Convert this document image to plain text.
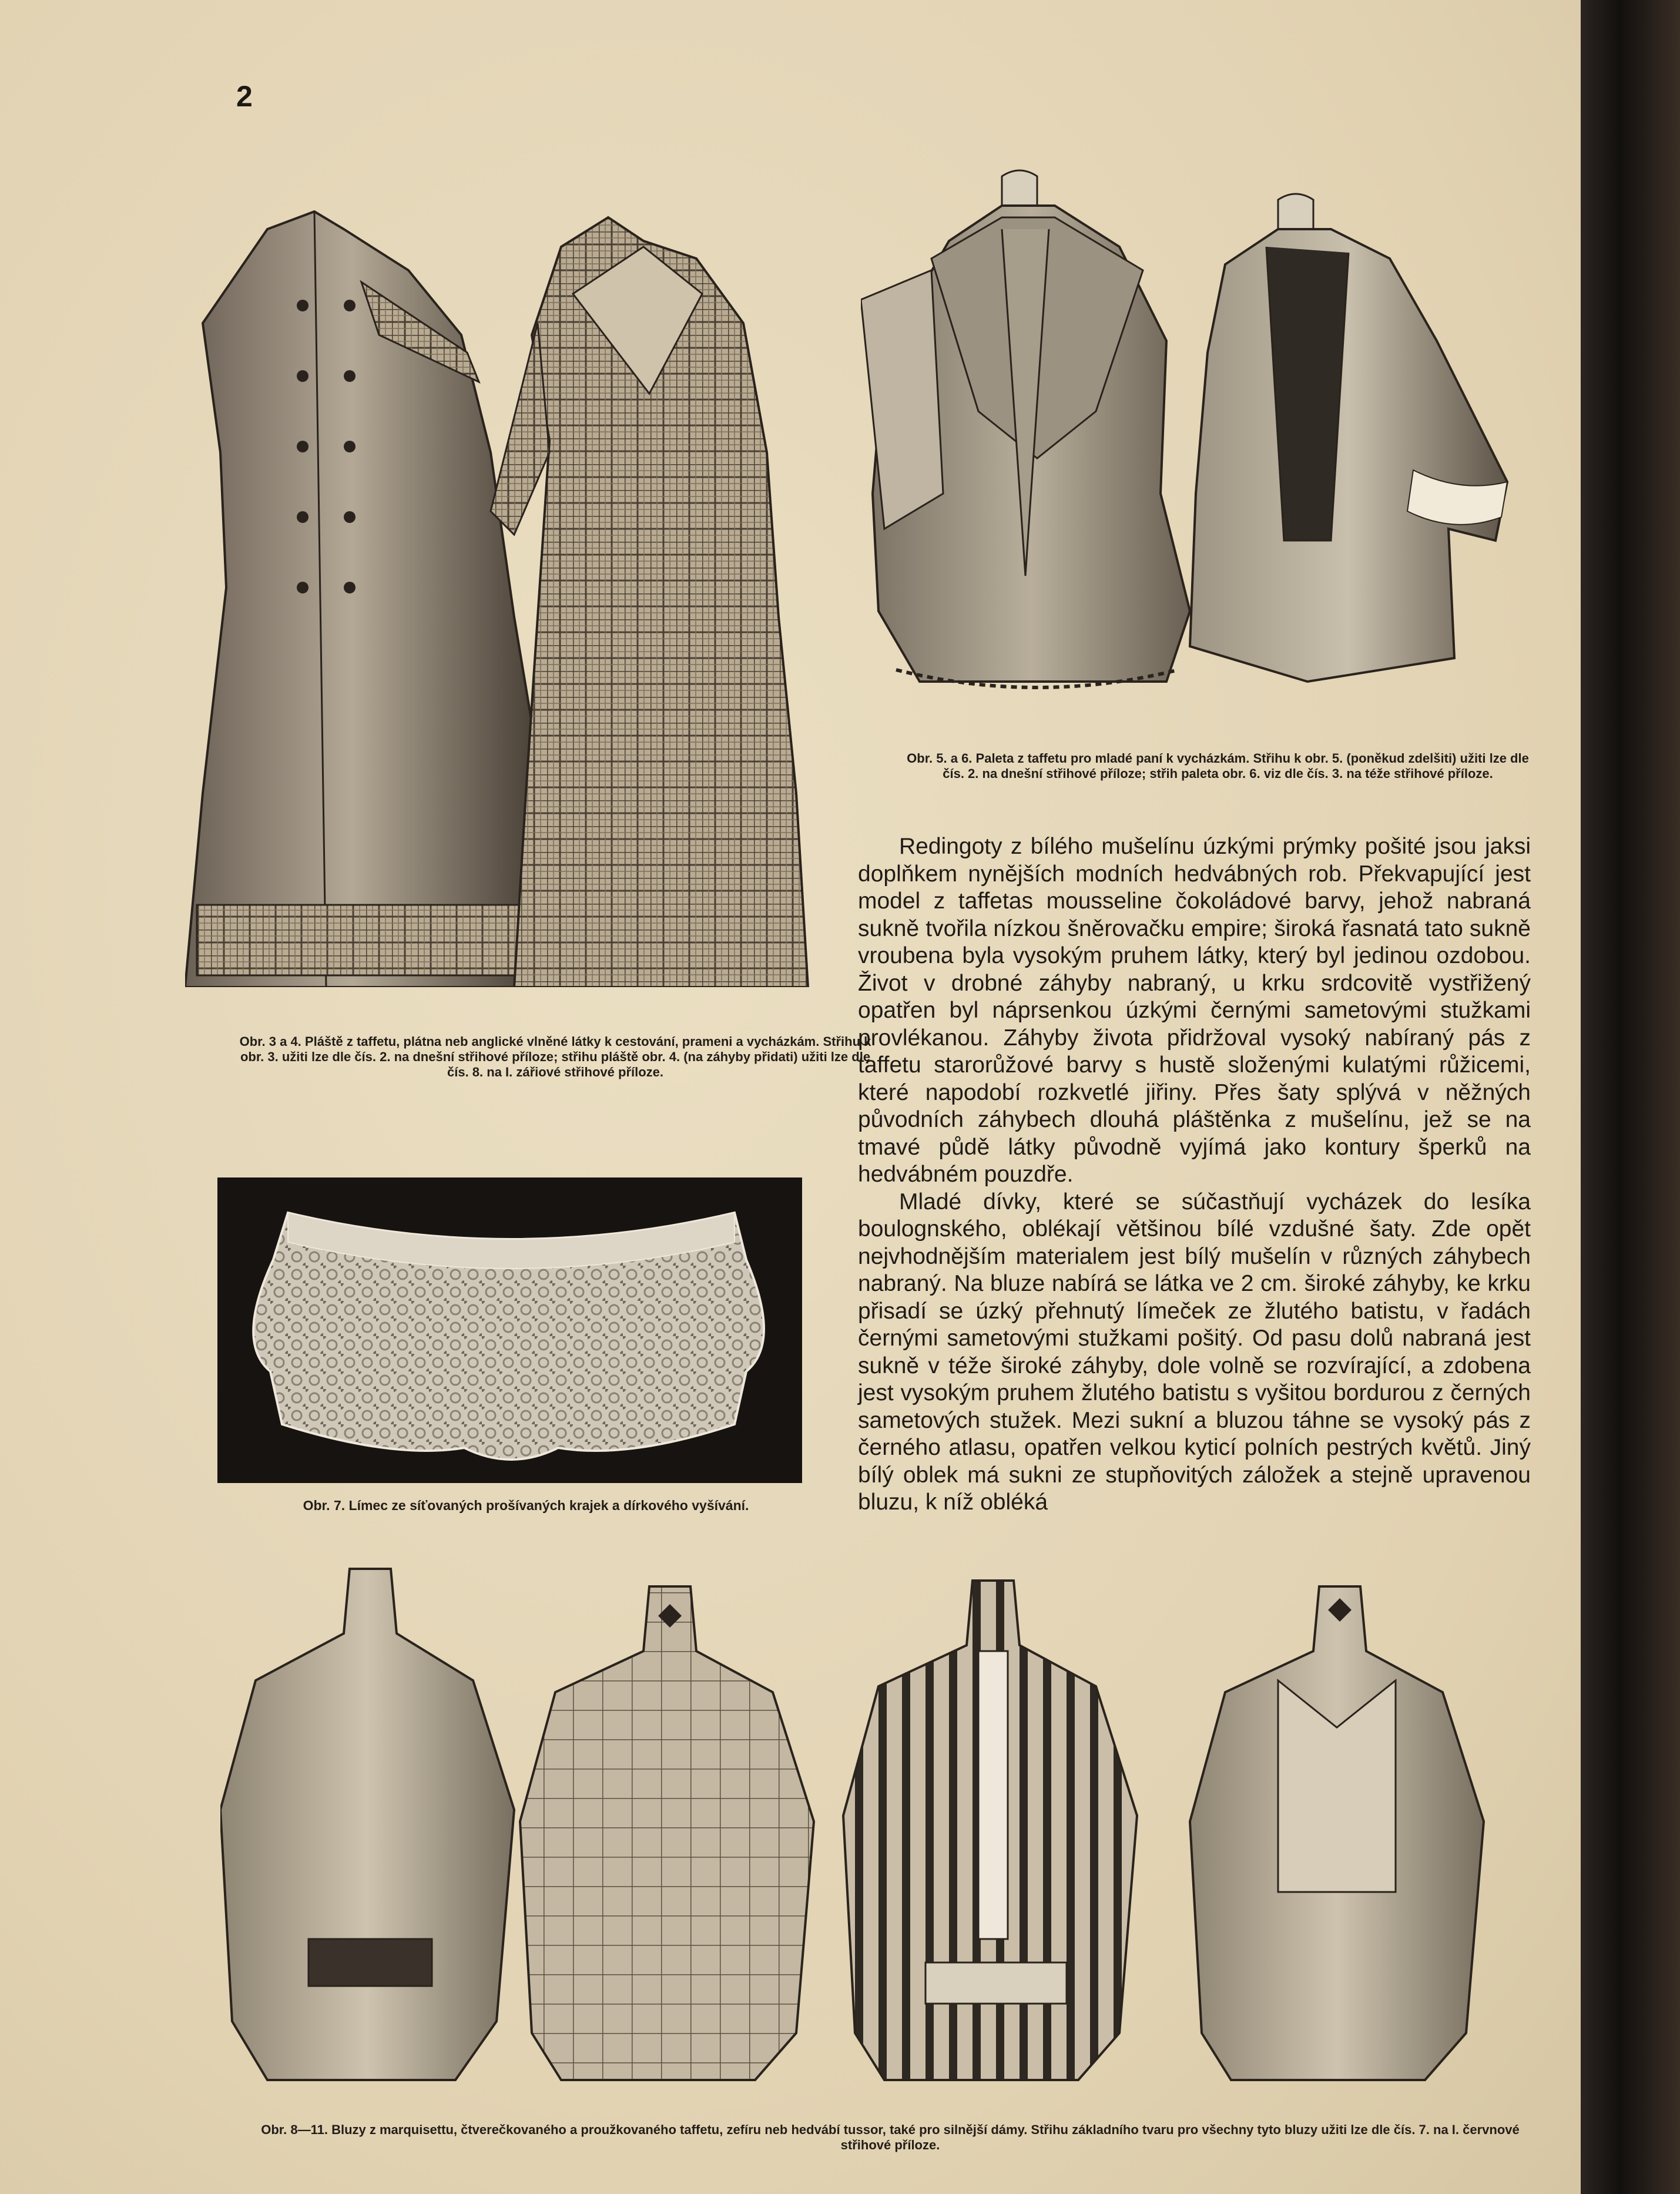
2
Obr. 3 a 4. Pláště z taffetu, plátna neb anglické vlněné látky k cestování, prameni a vycházkám. Střihu k obr. 3. užiti lze dle čís. 2. na dnešní střihové příloze; střihu pláště obr. 4. (na záhyby přidati) užiti lze dle čís. 8. na I. zářiové střihové příloze.
Obr. 5. a 6. Paleta z taffetu pro mladé paní k vycházkám. Střihu k obr. 5. (poněkud zdelšiti) užiti lze dle čís. 2. na dnešní střihové příloze; střih paleta obr. 6. viz dle čís. 3. na téže střihové příloze.

Redingoty z bílého mušelínu úzkými prýmky pošité jsou jaksi doplňkem nynějších modních hedvábných rob. Překvapující jest model z taffetas mousseline čokoládové barvy, jehož nabraná sukně tvořila nízkou šněrovačku empire; široká řasnatá tato sukně vroubena byla vysokým pruhem látky, který byl jedinou ozdobou. Život v drobné záhyby nabraný, u krku srdcovitě vystřižený opatřen byl náprsenkou úzkými černými sametovými stužkami provlékanou. Záhyby života přidržoval vysoký nabíraný pás z taffetu starorůžové barvy s hustě složenými kulatými růžicemi, které napodobí rozkvetlé jiřiny. Přes šaty splývá v něžných původních záhybech dlouhá pláštěnka z mušelínu, jež se na tmavé půdě látky původně vyjímá jako kontury šperků na hedvábném pouzdře.

Mladé dívky, které se súčastňují vycházek do lesíka boulognského, oblékají většinou bílé vzdušné šaty. Zde opět nejvhodnějším materialem jest bílý mušelín v různých záhybech nabraný. Na bluze nabírá se látka ve 2 cm. široké záhyby, ke krku přisadí se úzký přehnutý límeček ze žlutého batistu, v řadách černými sametovými stužkami pošitý. Od pasu dolů nabraná jest sukně v téže široké záhyby, dole volně se rozvírající, a zdobena jest vysokým pruhem žlutého batistu s vyšitou bordurou z černých sametových stužek. Mezi sukní a bluzou táhne se vysoký pás z černého atlasu, opatřen velkou kyticí polních pestrých květů. Jiný bílý oblek má sukni ze stupňovitých záložek a stejně upravenou bluzu, k níž obléká

Obr. 7. Límec ze síťovaných prošívaných krajek a dírkového vyšívání.
Obr. 8—11. Bluzy z marquisettu, čtverečkovaného a proužkovaného taffetu, zefíru neb hedvábí tussor, také pro silnější dámy. Střihu základního tvaru pro všechny tyto bluzy užiti lze dle čís. 7. na I. červnové střihové příloze.
